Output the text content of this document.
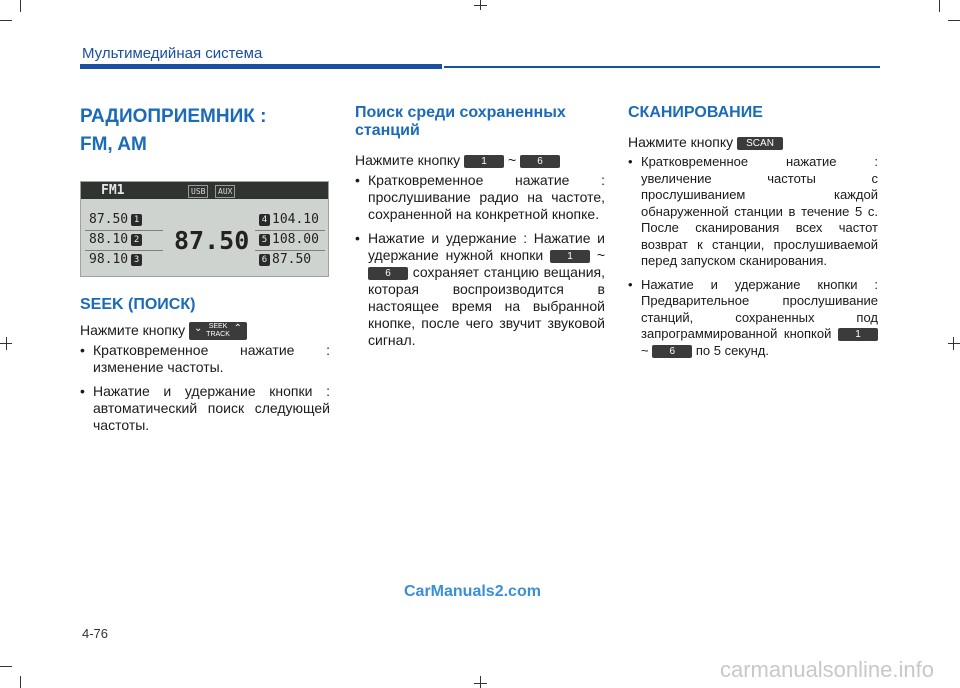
Мультимедийная система

РАДИОПРИЕМНИК :

FM, AM

FM1	USB	AUX
87.50 1
88.10 2
98.10 3
4 104.10
5 108.00
6 87.50
87.50

SEEK (ПОИСК)

Нажмите кнопку ⌄ SEEK
TRACK
⌃
• Кратковременное нажатие : изменение частоты.
• Нажатие и удержание кнопки : автоматический поиск следующей частоты.

Поиск среди сохраненных станций

Нажмите кнопку 1 ~ 6
• Кратковременное нажатие : прослушивание радио на частоте, сохраненной на конкретной кнопке.
• Нажатие и удержание : Нажатие и удержание нужной кнопки 1 ~ 6 сохраняет станцию вещания, которая воспроизводится в настоящее время на выбранной кнопке, после чего звучит звуковой сигнал.

СКАНИРОВАНИЕ

Нажмите кнопку SCAN
• Кратковременное нажатие : увеличение частоты с прослушиванием каждой обнаруженной станции в течение 5 с. После сканирования всех частот возврат к станции, прослушиваемой перед запуском сканирования.
• Нажатие и удержание кнопки : Предварительное прослушивание станций, сохраненных под запрограммированной кнопкой 1 ~ 6 по 5 секунд.
CarManuals2.com
4-76
carmanualsonline.info
